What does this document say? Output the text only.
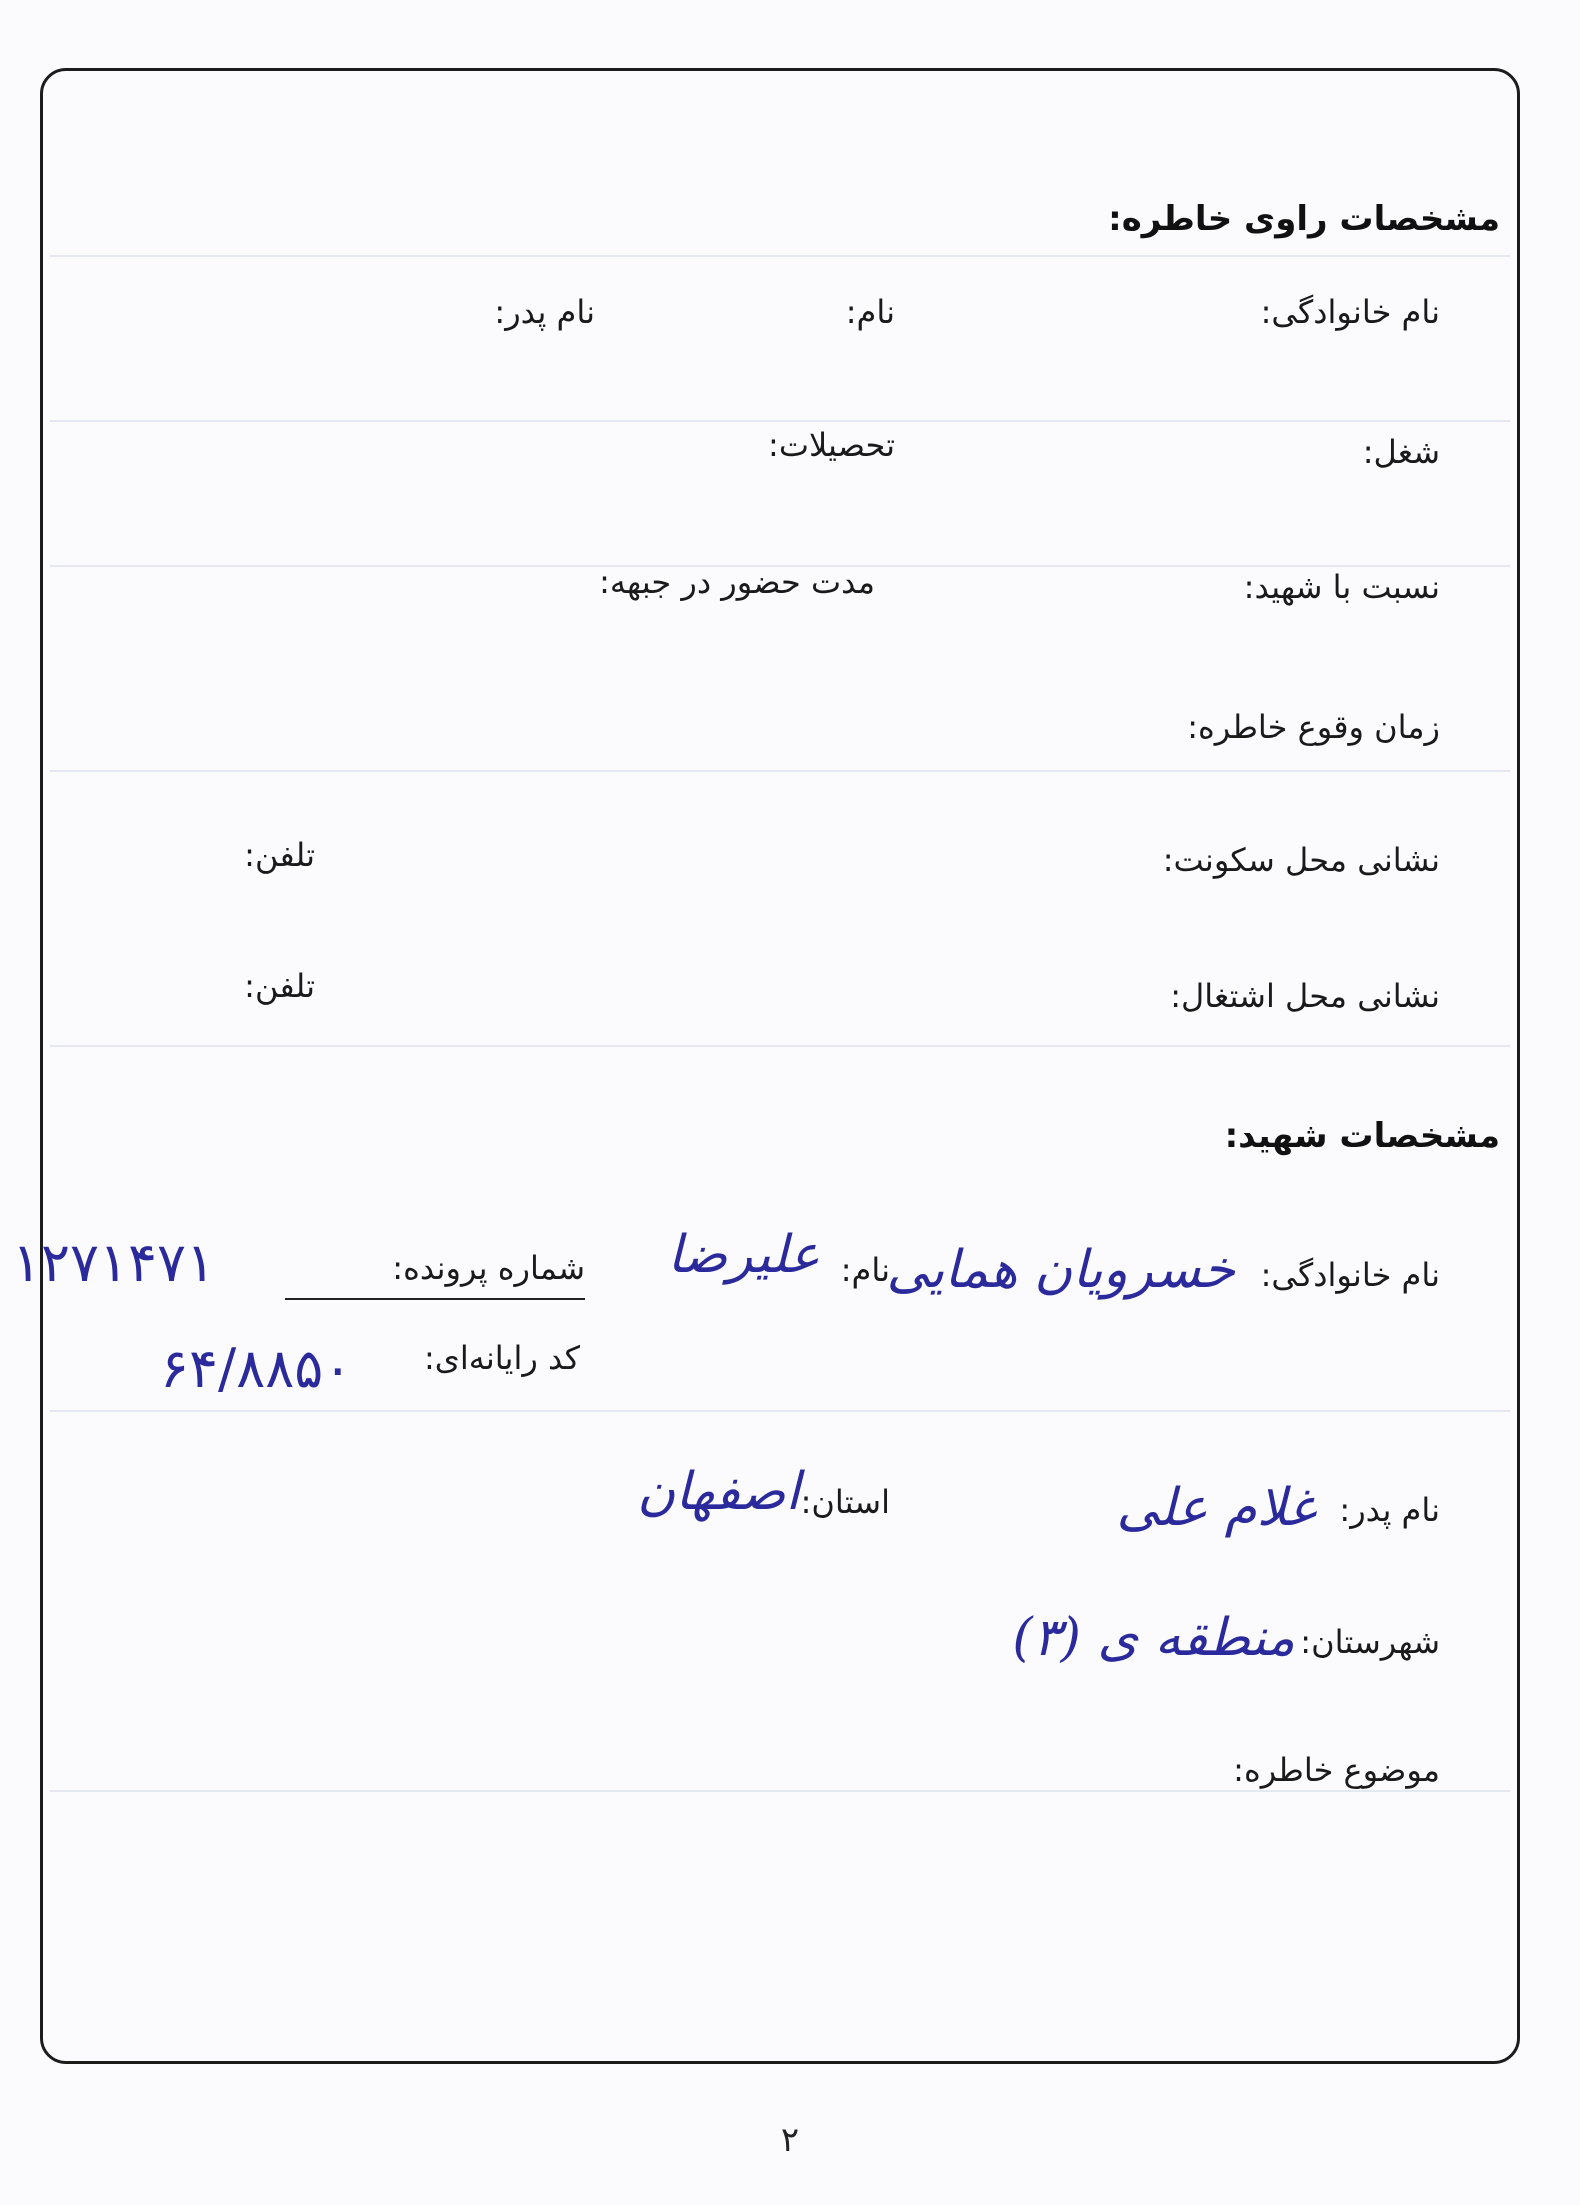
مشخصات راوی خاطره:
نام خانوادگی:
نام:
نام پدر:
شغل:
تحصیلات:
نسبت با شهید:
مدت حضور در جبهه:
زمان وقوع خاطره:
نشانی محل سکونت:
تلفن:
نشانی محل اشتغال:
تلفن:
مشخصات شهید:
نام خانوادگی:
خسرویان همایی
نام:
علیرضا
شماره پرونده:
۱۲۷۱۴۷۱
کد رایانه‌ای:
۶۴/۸۸۵۰
نام پدر:
غلام علی
استان:
اصفهان
شهرستان:
منطقه ی (۳)
موضوع خاطره:
۲
